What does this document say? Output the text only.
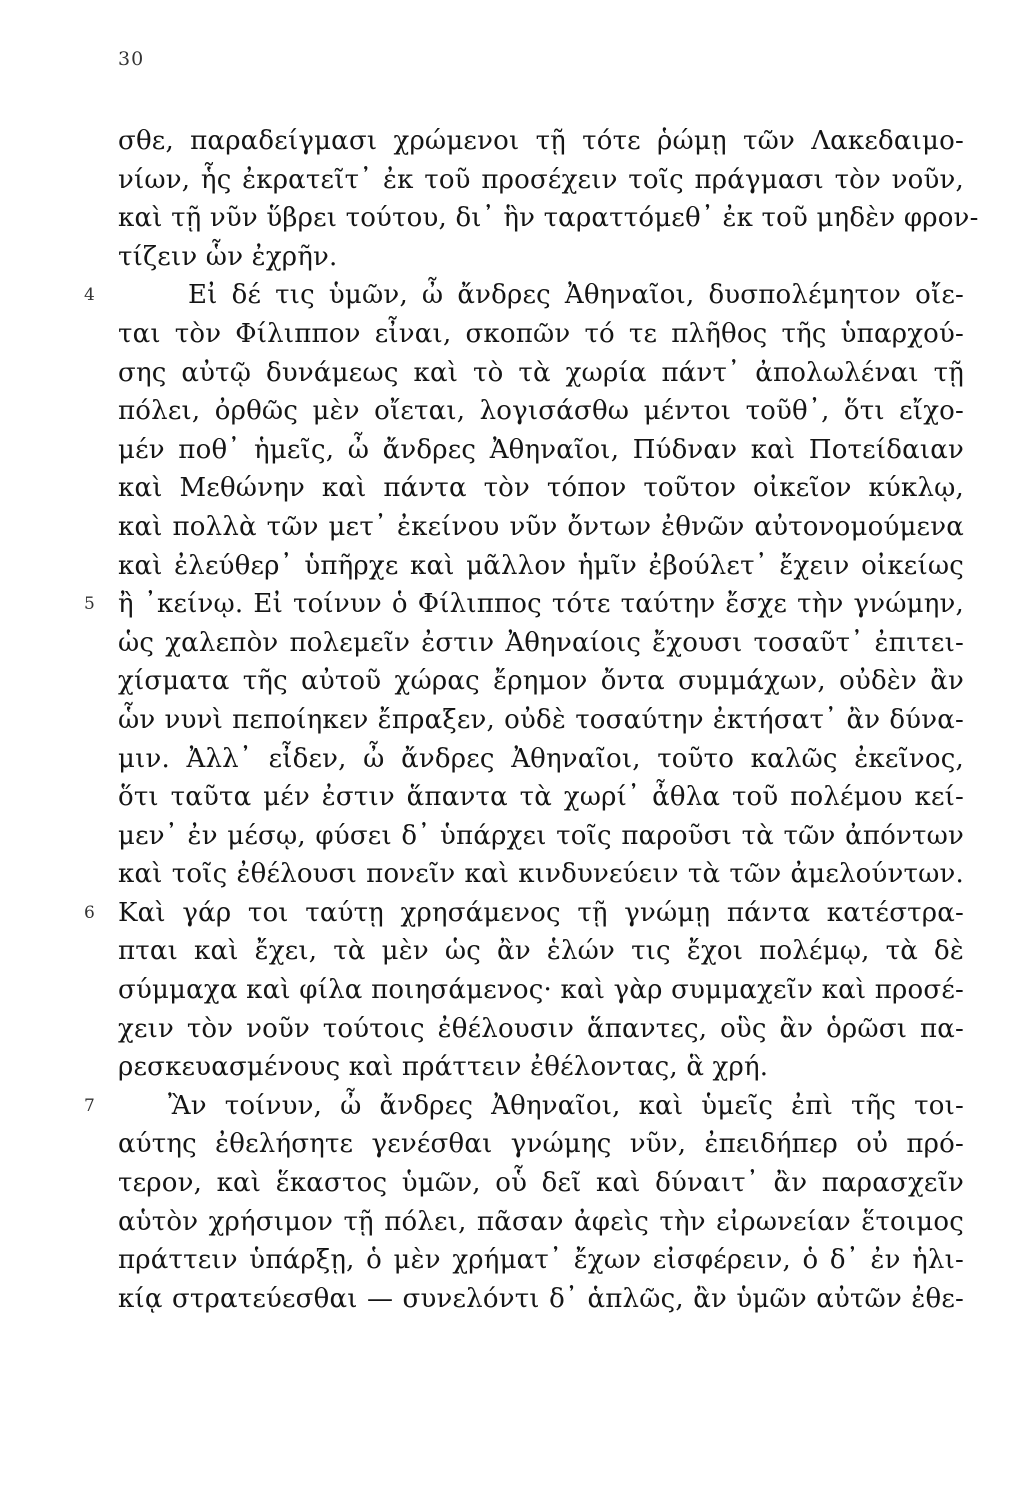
30
σθε, παραδείγμασι χρώμενοι τῇ τότε ῥώμῃ τῶν Λακεδαιμο-
νίων, ἧς ἐκρατεῖτ᾽ ἐκ τοῦ προσέχειν τοῖς πράγμασι τὸν νοῦν,
καὶ τῇ νῦν ὕβρει τούτου, δι᾽ ἣν ταραττόμεθ᾽ ἐκ τοῦ μηδὲν φρον-
τίζειν ὧν ἐχρῆν.
4	Εἰ δέ τις ὑμῶν, ὦ ἄνδρες Ἀθηναῖοι, δυσπολέμητον οἴε-
ται τὸν Φίλιππον εἶναι, σκοπῶν τό τε πλῆθος τῆς ὑπαρχού-
σης αὐτῷ δυνάμεως καὶ τὸ τὰ χωρία πάντ᾽ ἀπολωλέναι τῇ
πόλει, ὀρθῶς μὲν οἴεται, λογισάσθω μέντοι τοῦθ᾽, ὅτι εἴχο-
μέν ποθ᾽ ἡμεῖς, ὦ ἄνδρες Ἀθηναῖοι, Πύδναν καὶ Ποτείδαιαν
καὶ Μεθώνην καὶ πάντα τὸν τόπον τοῦτον οἰκεῖον κύκλῳ,
καὶ πολλὰ τῶν μετ᾽ ἐκείνου νῦν ὄντων ἐθνῶν αὐτονομούμενα
καὶ ἐλεύθερ᾽ ὑπῆρχε καὶ μᾶλλον ἡμῖν ἐβούλετ᾽ ἔχειν οἰκείως
5 ἢ ᾽κείνῳ. Εἰ τοίνυν ὁ Φίλιππος τότε ταύτην ἔσχε τὴν γνώμην,
ὡς χαλεπὸν πολεμεῖν ἐστιν Ἀθηναίοις ἔχουσι τοσαῦτ᾽ ἐπιτει-
χίσματα τῆς αὐτοῦ χώρας ἔρημον ὄντα συμμάχων, οὐδὲν ἂν
ὧν νυνὶ πεποίηκεν ἔπραξεν, οὐδὲ τοσαύτην ἐκτήσατ᾽ ἂν δύνα-
μιν. Ἀλλ᾽ εἶδεν, ὦ ἄνδρες Ἀθηναῖοι, τοῦτο καλῶς ἐκεῖνος,
ὅτι ταῦτα μέν ἐστιν ἅπαντα τὰ χωρί᾽ ἆθλα τοῦ πολέμου κεί-
μεν᾽ ἐν μέσῳ, φύσει δ᾽ ὑπάρχει τοῖς παροῦσι τὰ τῶν ἀπόντων
καὶ τοῖς ἐθέλουσι πονεῖν καὶ κινδυνεύειν τὰ τῶν ἀμελούντων.
6 Καὶ γάρ τοι ταύτῃ χρησάμενος τῇ γνώμῃ πάντα κατέστρα-
πται καὶ ἔχει, τὰ μὲν ὡς ἂν ἑλών τις ἔχοι πολέμῳ, τὰ δὲ
σύμμαχα καὶ φίλα ποιησάμενος· καὶ γὰρ συμμαχεῖν καὶ προσέ-
χειν τὸν νοῦν τούτοις ἐθέλουσιν ἅπαντες, οὓς ἂν ὁρῶσι πα-
ρεσκευασμένους καὶ πράττειν ἐθέλοντας, ἃ χρή.
7	Ἂν τοίνυν, ὦ ἄνδρες Ἀθηναῖοι, καὶ ὑμεῖς ἐπὶ τῆς τοι-
αύτης ἐθελήσητε γενέσθαι γνώμης νῦν, ἐπειδήπερ οὐ πρό-
τερον, καὶ ἕκαστος ὑμῶν, οὗ δεῖ καὶ δύναιτ᾽ ἂν παρασχεῖν
αὑτὸν χρήσιμον τῇ πόλει, πᾶσαν ἀφεὶς τὴν εἰρωνείαν ἕτοιμος
πράττειν ὑπάρξῃ, ὁ μὲν χρήματ᾽ ἔχων εἰσφέρειν, ὁ δ᾽ ἐν ἡλι-
κίᾳ στρατεύεσθαι — συνελόντι δ᾽ ἁπλῶς, ἂν ὑμῶν αὐτῶν ἐθε-
